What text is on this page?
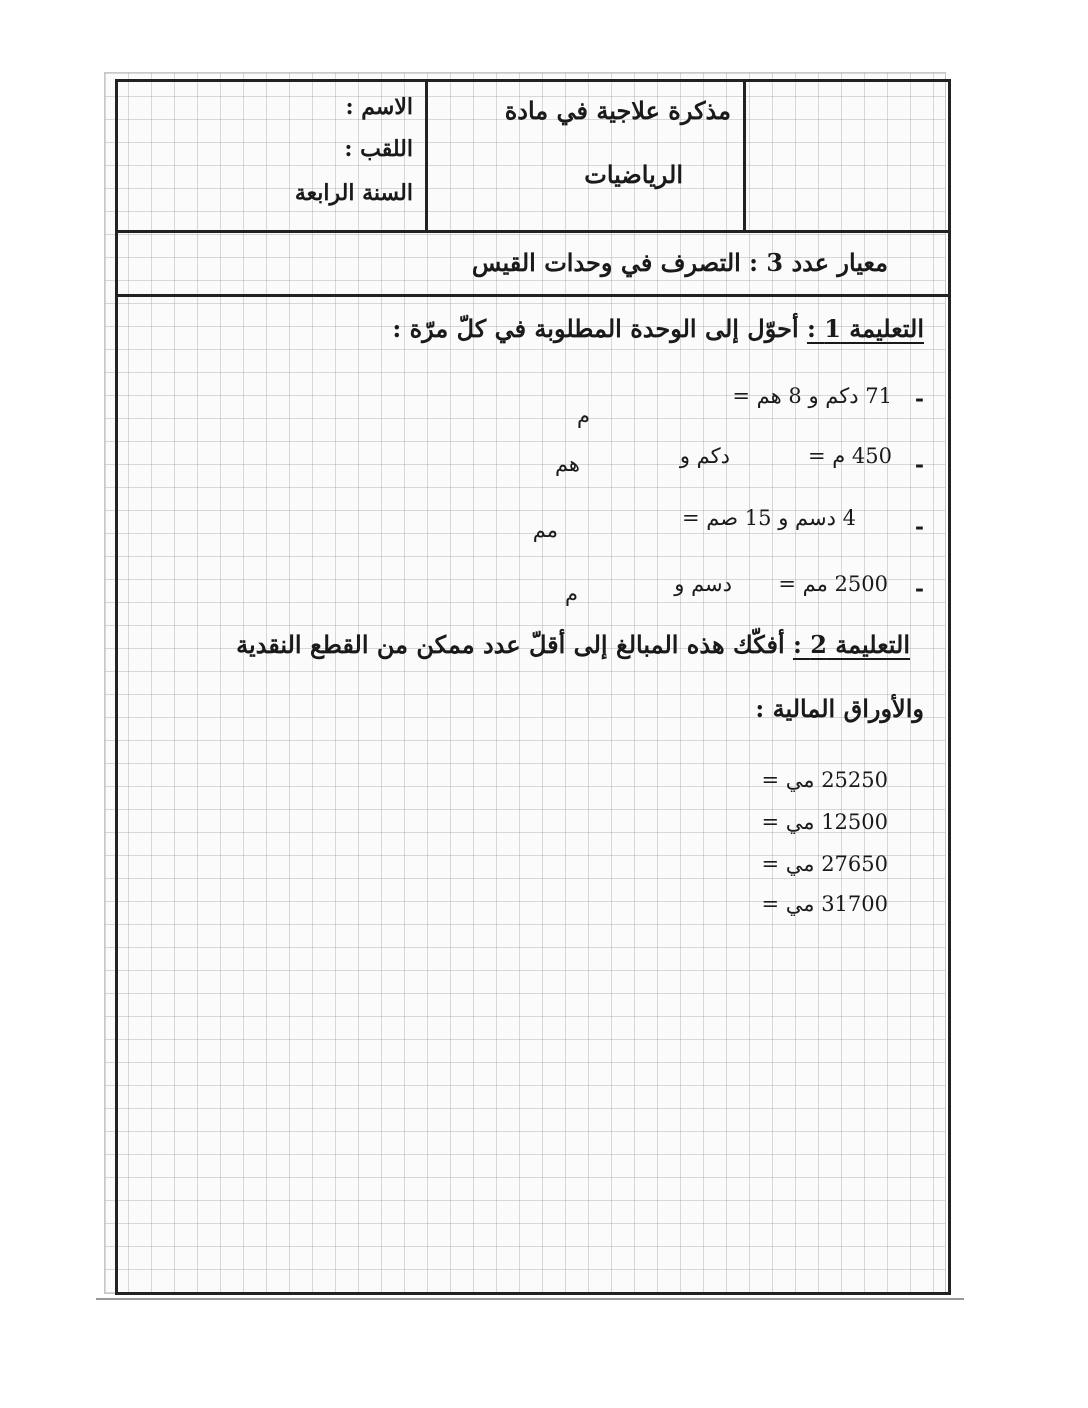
مذكرة علاجية في مادة
الرياضيات
الاسم :
اللقب :
السنة الرابعة
معيار عدد 3 : التصرف في وحدات القيس
التعليمة 1 : أحوّل إلى الوحدة المطلوبة في كلّ مرّة :
-
71 دكم و 8 هم =
م
-
450 م =
دكم و
هم
-
4 دسم و 15 صم =
مم
-
2500 مم =
دسم و
م
التعليمة 2 : أفكّك هذه المبالغ إلى أقلّ عدد ممكن من القطع النقدية
والأوراق المالية :
25250 مي =
12500 مي =
27650 مي =
31700 مي =
